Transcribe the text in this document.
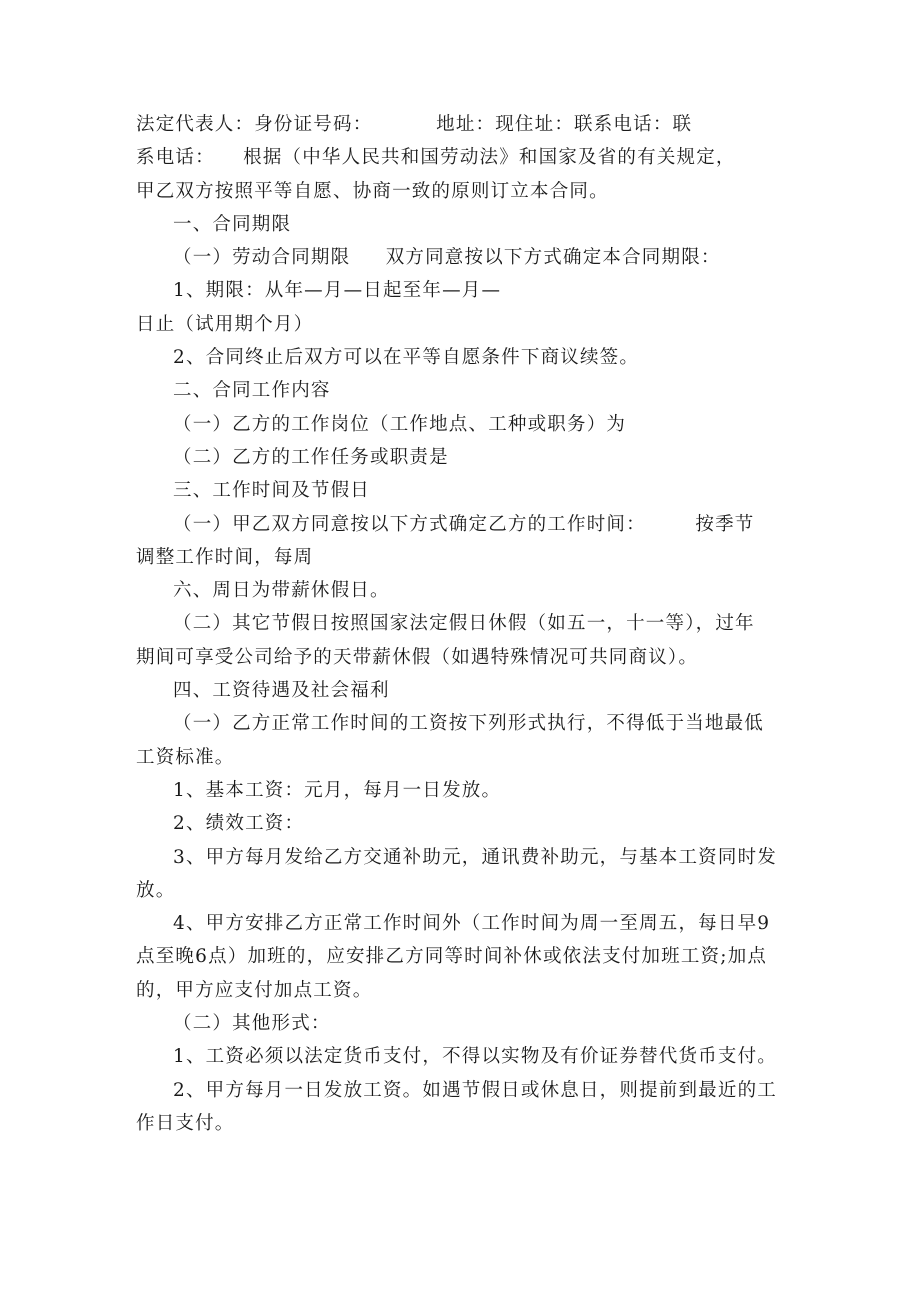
法定代表人：身份证号码：         地址：现住址：联系电话：联

系电话：    根据（中华人民共和国劳动法》和国家及省的有关规定，

甲乙双方按照平等自愿、协商一致的原则订立本合同。

一、合同期限

（一）劳动合同期限     双方同意按以下方式确定本合同期限：

1、期限：从年—月—日起至年—月—

日止（试用期个月）

2、合同终止后双方可以在平等自愿条件下商议续签。

二、合同工作内容

（一）乙方的工作岗位（工作地点、工种或职务）为

（二）乙方的工作任务或职责是

三、工作时间及节假日

（一）甲乙双方同意按以下方式确定乙方的工作时间：       按季节

调整工作时间，每周

六、周日为带薪休假日。

（二）其它节假日按照国家法定假日休假（如五一，十一等），过年

期间可享受公司给予的天带薪休假（如遇特殊情况可共同商议）。

四、工资待遇及社会福利

（一）乙方正常工作时间的工资按下列形式执行，不得低于当地最低

工资标准。

1、基本工资：元月，每月一日发放。

2、绩效工资：

3、甲方每月发给乙方交通补助元，通讯费补助元，与基本工资同时发

放。

4、甲方安排乙方正常工作时间外（工作时间为周一至周五，每日早9

点至晚6点）加班的，应安排乙方同等时间补休或依法支付加班工资;加点

的，甲方应支付加点工资。

（二）其他形式：

1、工资必须以法定货币支付，不得以实物及有价证券替代货币支付。

2、甲方每月一日发放工资。如遇节假日或休息日，则提前到最近的工

作日支付。
